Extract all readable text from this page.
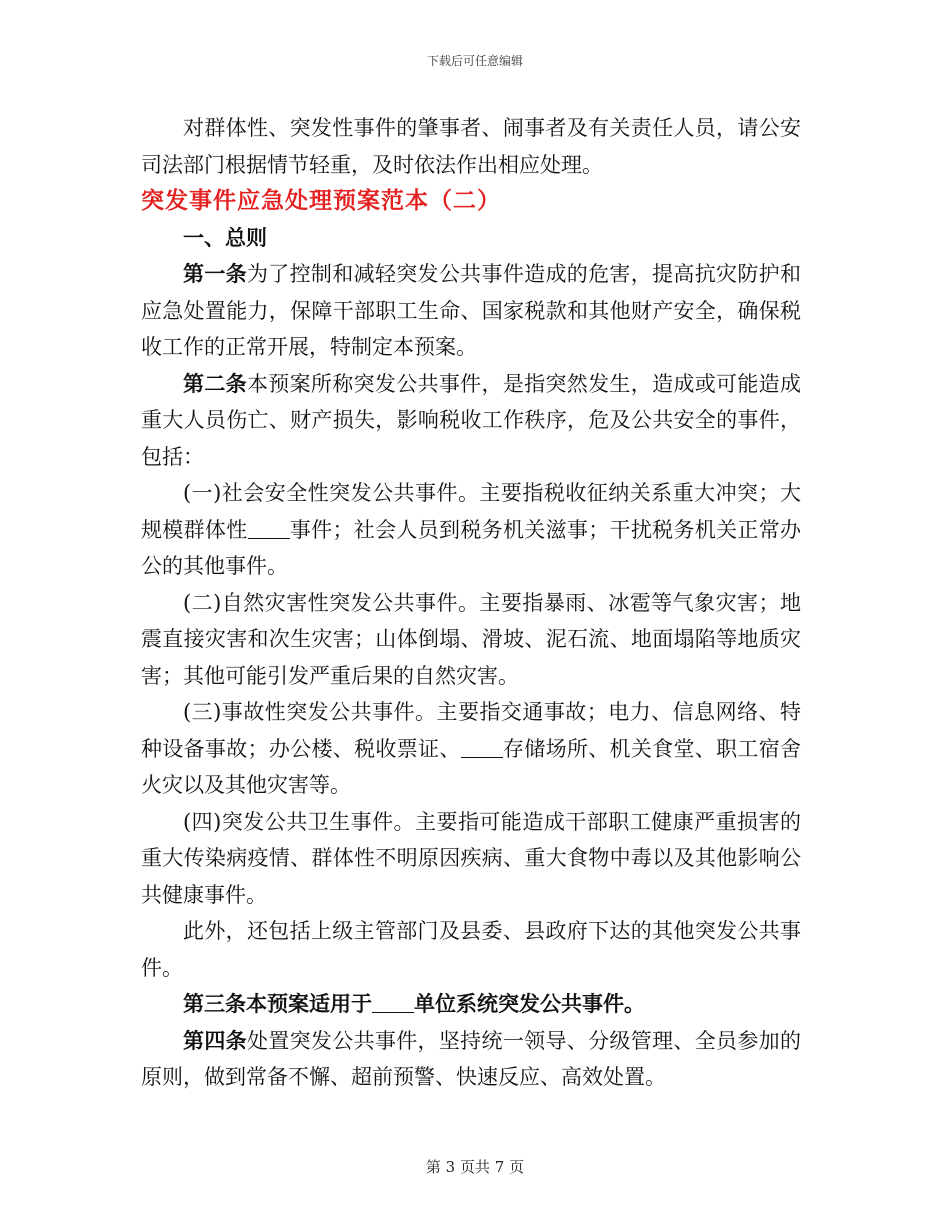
下载后可任意编辑

对群体性、突发性事件的肇事者、闹事者及有关责任人员，请公安司法部门根据情节轻重，及时依法作出相应处理。

突发事件应急处理预案范本（二）

一、总则

第一条为了控制和减轻突发公共事件造成的危害，提高抗灾防护和应急处置能力，保障干部职工生命、国家税款和其他财产安全，确保税收工作的正常开展，特制定本预案。

第二条本预案所称突发公共事件，是指突然发生，造成或可能造成重大人员伤亡、财产损失，影响税收工作秩序，危及公共安全的事件，包括：

(一)社会安全性突发公共事件。主要指税收征纳关系重大冲突；大规模群体性 事件；社会人员到税务机关滋事；干扰税务机关正常办公的其他事件。

(二)自然灾害性突发公共事件。主要指暴雨、冰雹等气象灾害；地震直接灾害和次生灾害；山体倒塌、滑坡、泥石流、地面塌陷等地质灾害；其他可能引发严重后果的自然灾害。

(三)事故性突发公共事件。主要指交通事故；电力、信息网络、特种设备事故；办公楼、税收票证、 存储场所、机关食堂、职工宿舍火灾以及其他灾害等。

(四)突发公共卫生事件。主要指可能造成干部职工健康严重损害的重大传染病疫情、群体性不明原因疾病、重大食物中毒以及其他影响公共健康事件。

此外，还包括上级主管部门及县委、县政府下达的其他突发公共事件。

第三条本预案适用于 单位系统突发公共事件。

第四条处置突发公共事件，坚持统一领导、分级管理、全员参加的原则，做到常备不懈、超前预警、快速反应、高效处置。

第 3 页共 7 页
